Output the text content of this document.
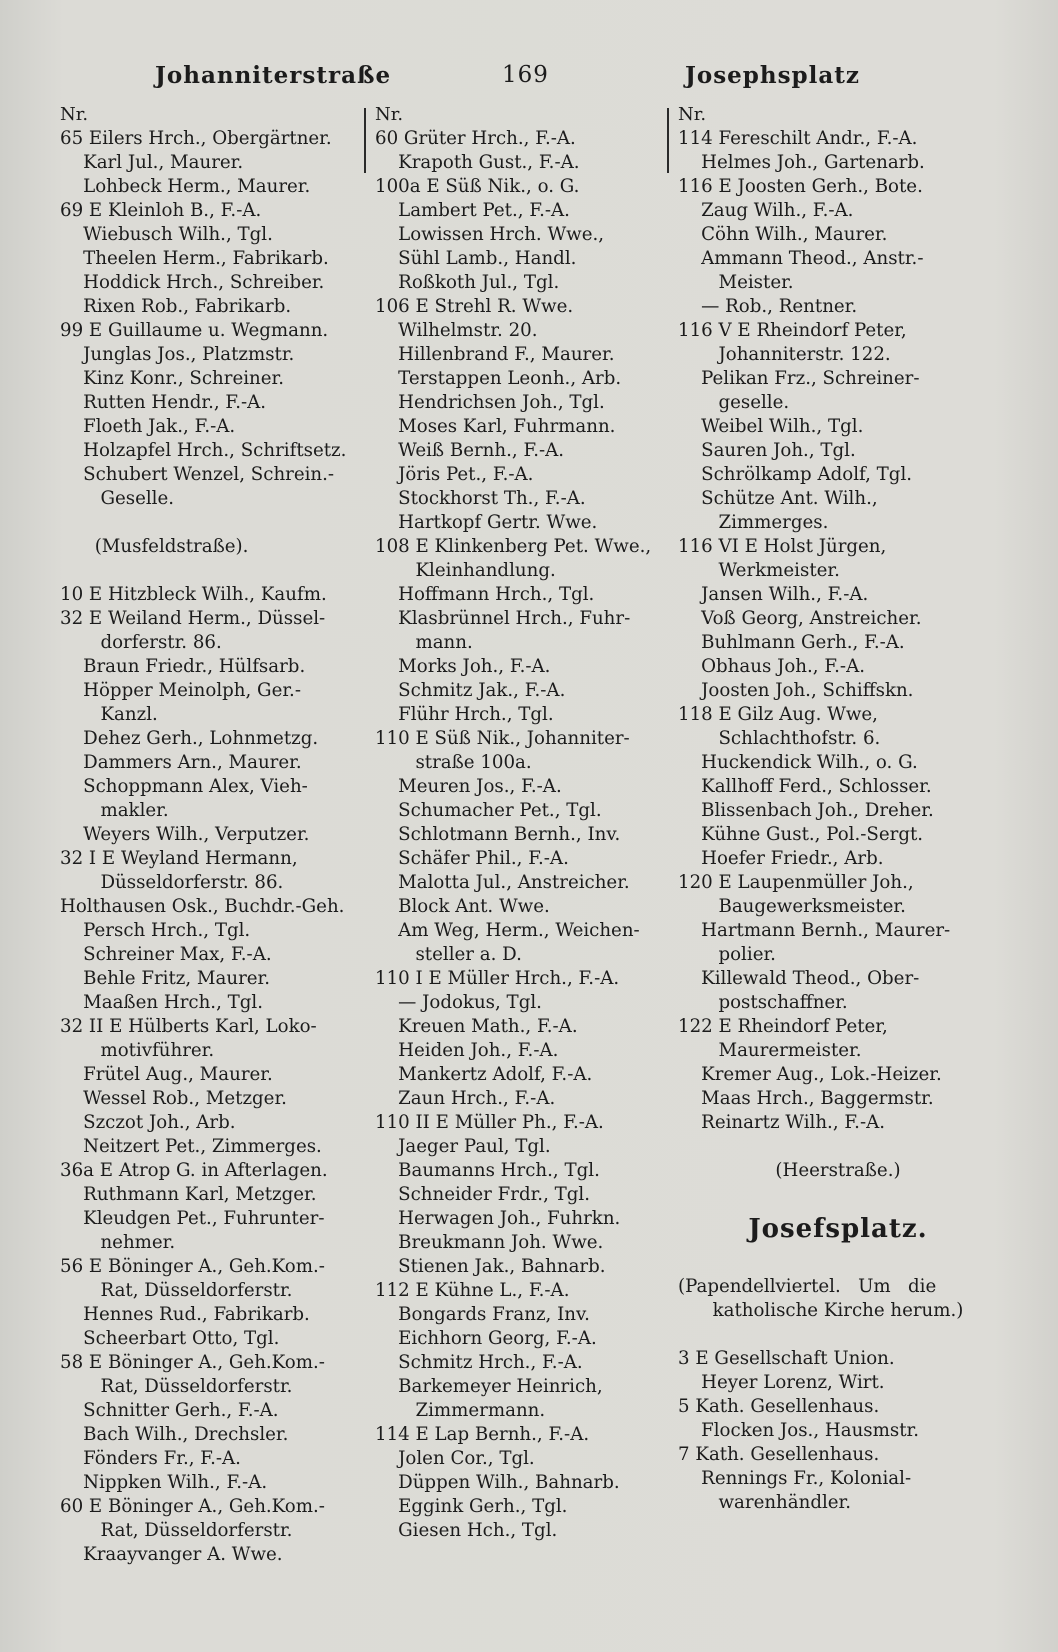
Johanniterstraße	169	Josephsplatz
Nr.
65 Eilers Hrch., Obergärtner.
Karl Jul., Maurer.
Lohbeck Herm., Maurer.
69 E Kleinloh B., F.-A.
Wiebusch Wilh., Tgl.
Theelen Herm., Fabrikarb.
Hoddick Hrch., Schreiber.
Rixen Rob., Fabrikarb.
99 E Guillaume u. Wegmann.
Junglas Jos., Platzmstr.
Kinz Konr., Schreiner.
Rutten Hendr., F.-A.
Floeth Jak., F.-A.
Holzapfel Hrch., Schriftsetz.
Schubert Wenzel, Schrein.-
Geselle.
(Musfeldstraße).
10 E Hitzbleck Wilh., Kaufm.
32 E Weiland Herm., Düssel-
dorferstr. 86.
Braun Friedr., Hülfsarb.
Höpper Meinolph, Ger.-
Kanzl.
Dehez Gerh., Lohnmetzg.
Dammers Arn., Maurer.
Schoppmann Alex, Vieh-
makler.
Weyers Wilh., Verputzer.
32 I E Weyland Hermann,
Düsseldorferstr. 86.
Holthausen Osk., Buchdr.-Geh.
Persch Hrch., Tgl.
Schreiner Max, F.-A.
Behle Fritz, Maurer.
Maaßen Hrch., Tgl.
32 II E Hülberts Karl, Loko-
motivführer.
Frütel Aug., Maurer.
Wessel Rob., Metzger.
Szczot Joh., Arb.
Neitzert Pet., Zimmerges.
36a E Atrop G. in Afterlagen.
Ruthmann Karl, Metzger.
Kleudgen Pet., Fuhrunter-
nehmer.
56 E Böninger A., Geh.Kom.-
Rat, Düsseldorferstr.
Hennes Rud., Fabrikarb.
Scheerbart Otto, Tgl.
58 E Böninger A., Geh.Kom.-
Rat, Düsseldorferstr.
Schnitter Gerh., F.-A.
Bach Wilh., Drechsler.
Fönders Fr., F.-A.
Nippken Wilh., F.-A.
60 E Böninger A., Geh.Kom.-
Rat, Düsseldorferstr.
Kraayvanger A. Wwe.
Nr.
60 Grüter Hrch., F.-A.
Krapoth Gust., F.-A.
100a E Süß Nik., o. G.
Lambert Pet., F.-A.
Lowissen Hrch. Wwe.,
Sühl Lamb., Handl.
Roßkoth Jul., Tgl.
106 E Strehl R. Wwe.
Wilhelmstr. 20.
Hillenbrand F., Maurer.
Terstappen Leonh., Arb.
Hendrichsen Joh., Tgl.
Moses Karl, Fuhrmann.
Weiß Bernh., F.-A.
Jöris Pet., F.-A.
Stockhorst Th., F.-A.
Hartkopf Gertr. Wwe.
108 E Klinkenberg Pet. Wwe.,
Kleinhandlung.
Hoffmann Hrch., Tgl.
Klasbrünnel Hrch., Fuhr-
mann.
Morks Joh., F.-A.
Schmitz Jak., F.-A.
Flühr Hrch., Tgl.
110 E Süß Nik., Johanniter-
straße 100a.
Meuren Jos., F.-A.
Schumacher Pet., Tgl.
Schlotmann Bernh., Inv.
Schäfer Phil., F.-A.
Malotta Jul., Anstreicher.
Block Ant. Wwe.
Am Weg, Herm., Weichen-
steller a. D.
110 I E Müller Hrch., F.-A.
— Jodokus, Tgl.
Kreuen Math., F.-A.
Heiden Joh., F.-A.
Mankertz Adolf, F.-A.
Zaun Hrch., F.-A.
110 II E Müller Ph., F.-A.
Jaeger Paul, Tgl.
Baumanns Hrch., Tgl.
Schneider Frdr., Tgl.
Herwagen Joh., Fuhrkn.
Breukmann Joh. Wwe.
Stienen Jak., Bahnarb.
112 E Kühne L., F.-A.
Bongards Franz, Inv.
Eichhorn Georg, F.-A.
Schmitz Hrch., F.-A.
Barkemeyer Heinrich,
Zimmermann.
114 E Lap Bernh., F.-A.
Jolen Cor., Tgl.
Düppen Wilh., Bahnarb.
Eggink Gerh., Tgl.
Giesen Hch., Tgl.
Nr.
114 Fereschilt Andr., F.-A.
Helmes Joh., Gartenarb.
116 E Joosten Gerh., Bote.
Zaug Wilh., F.-A.
Cöhn Wilh., Maurer.
Ammann Theod., Anstr.-
Meister.
— Rob., Rentner.
116 V E Rheindorf Peter,
Johanniterstr. 122.
Pelikan Frz., Schreiner-
geselle.
Weibel Wilh., Tgl.
Sauren Joh., Tgl.
Schrölkamp Adolf, Tgl.
Schütze Ant. Wilh.,
Zimmerges.
116 VI E Holst Jürgen,
Werkmeister.
Jansen Wilh., F.-A.
Voß Georg, Anstreicher.
Buhlmann Gerh., F.-A.
Obhaus Joh., F.-A.
Joosten Joh., Schiffskn.
118 E Gilz Aug. Wwe,
Schlachthofstr. 6.
Huckendick Wilh., o. G.
Kallhoff Ferd., Schlosser.
Blissenbach Joh., Dreher.
Kühne Gust., Pol.-Sergt.
Hoefer Friedr., Arb.
120 E Laupenmüller Joh.,
Baugewerksmeister.
Hartmann Bernh., Maurer-
polier.
Killewald Theod., Ober-
postschaffner.
122 E Rheindorf Peter,
Maurermeister.
Kremer Aug., Lok.-Heizer.
Maas Hrch., Baggermstr.
Reinartz Wilh., F.-A.
(Heerstraße.)
Josefsplatz.
(Papendellviertel.   Um   die
katholische Kirche herum.)
3 E Gesellschaft Union.
Heyer Lorenz, Wirt.
5 Kath. Gesellenhaus.
Flocken Jos., Hausmstr.
7 Kath. Gesellenhaus.
Rennings Fr., Kolonial-
warenhändler.
